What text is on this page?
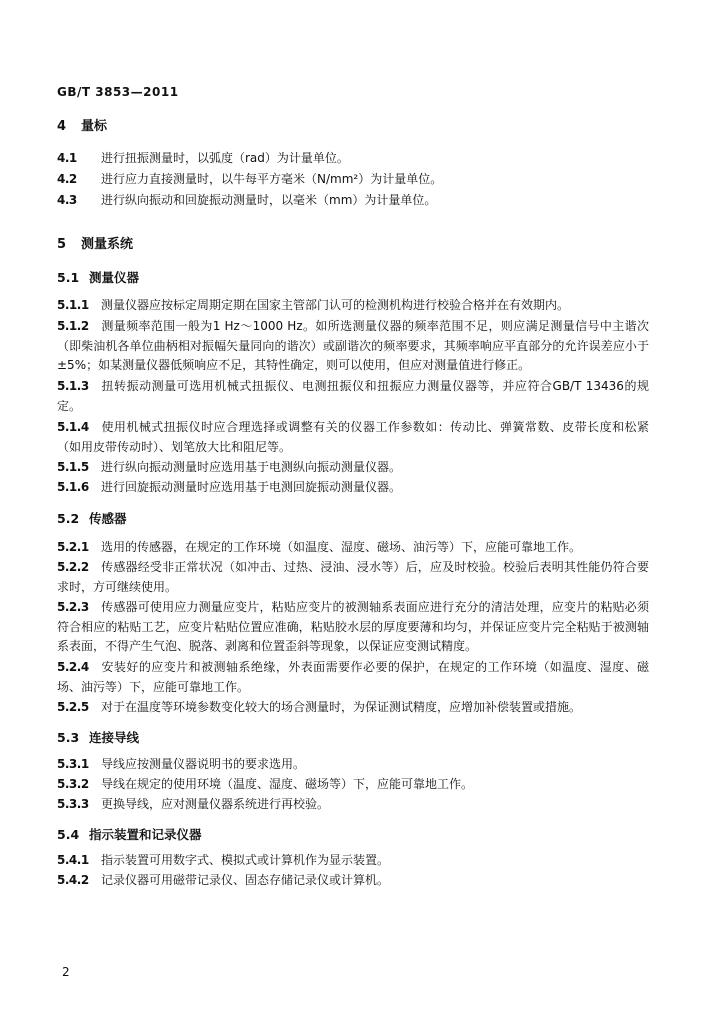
GB/T 3853—2011
4 量标
4.1 进行扭振测量时，以弧度（rad）为计量单位。
4.2 进行应力直接测量时，以牛每平方毫米（N/mm²）为计量单位。
4.3 进行纵向振动和回旋振动测量时，以毫米（mm）为计量单位。
5 测量系统
5.1 测量仪器
5.1.1 测量仪器应按标定周期定期在国家主管部门认可的检测机构进行校验合格并在有效期内。
5.1.2 测量频率范围一般为1 Hz～1000 Hz。如所选测量仪器的频率范围不足，则应满足测量信号中主谐次（即柴油机各单位曲柄相对振幅矢量同向的谐次）或副谐次的频率要求，其频率响应平直部分的允许误差应小于±5%；如某测量仪器低频响应不足，其特性确定，则可以使用，但应对测量值进行修正。
5.1.3 扭转振动测量可选用机械式扭振仪、电测扭振仪和扭振应力测量仪器等，并应符合GB/T 13436的规定。
5.1.4 使用机械式扭振仪时应合理选择或调整有关的仪器工作参数如：传动比、弹簧常数、皮带长度和松紧（如用皮带传动时）、划笔放大比和阻尼等。
5.1.5 进行纵向振动测量时应选用基于电测纵向振动测量仪器。
5.1.6 进行回旋振动测量时应选用基于电测回旋振动测量仪器。
5.2 传感器
5.2.1 选用的传感器，在规定的工作环境（如温度、湿度、磁场、油污等）下，应能可靠地工作。
5.2.2 传感器经受非正常状况（如冲击、过热、浸油、浸水等）后，应及时校验。校验后表明其性能仍符合要求时，方可继续使用。
5.2.3 传感器可使用应力测量应变片，粘贴应变片的被测轴系表面应进行充分的清洁处理，应变片的粘贴必须符合相应的粘贴工艺，应变片粘贴位置应准确，粘贴胶水层的厚度要薄和均匀，并保证应变片完全粘贴于被测轴系表面，不得产生气泡、脱落、剥离和位置歪斜等现象，以保证应变测试精度。
5.2.4 安装好的应变片和被测轴系绝缘，外表面需要作必要的保护，在规定的工作环境（如温度、湿度、磁场、油污等）下，应能可靠地工作。
5.2.5 对于在温度等环境参数变化较大的场合测量时，为保证测试精度，应增加补偿装置或措施。
5.3 连接导线
5.3.1 导线应按测量仪器说明书的要求选用。
5.3.2 导线在规定的使用环境（温度、湿度、磁场等）下，应能可靠地工作。
5.3.3 更换导线，应对测量仪器系统进行再校验。
5.4 指示装置和记录仪器
5.4.1 指示装置可用数字式、模拟式或计算机作为显示装置。
5.4.2 记录仪器可用磁带记录仪、固态存储记录仪或计算机。
2
